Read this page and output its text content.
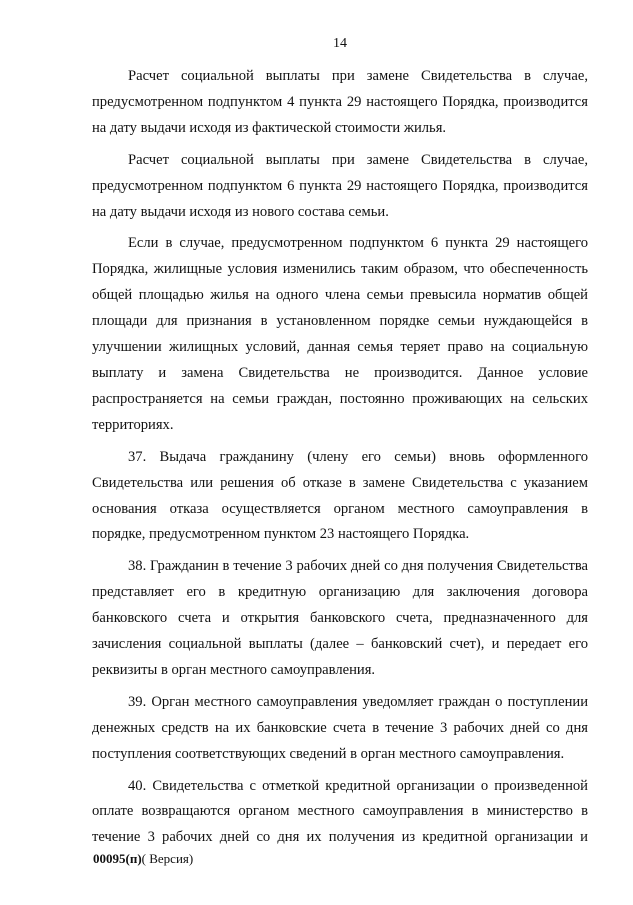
14

Расчет социальной выплаты при замене Свидетельства в случае, предусмотренном подпунктом 4 пункта 29 настоящего Порядка, производится на дату выдачи исходя из фактической стоимости жилья.

Расчет социальной выплаты при замене Свидетельства в случае, предусмотренном подпунктом 6 пункта 29 настоящего Порядка, производится на дату выдачи исходя из нового состава семьи.

Если в случае, предусмотренном подпунктом 6 пункта 29 настоящего Порядка, жилищные условия изменились таким образом, что обеспеченность общей площадью жилья на одного члена семьи превысила норматив общей площади для признания в установленном порядке семьи нуждающейся в улучшении жилищных условий, данная семья теряет право на социальную выплату и замена Свидетельства не производится. Данное условие распространяется на семьи граждан, постоянно проживающих на сельских территориях.

37. Выдача гражданину (члену его семьи) вновь оформленного Свидетельства или решения об отказе в замене Свидетельства с указанием основания отказа осуществляется органом местного самоуправления в порядке, предусмотренном пунктом 23 настоящего Порядка.

38. Гражданин в течение 3 рабочих дней со дня получения Свидетельства представляет его в кредитную организацию для заключения договора банковского счета и открытия банковского счета, предназначенного для зачисления социальной выплаты (далее – банковский счет), и передает его реквизиты в орган местного самоуправления.

39. Орган местного самоуправления уведомляет граждан о поступлении денежных средств на их банковские счета в течение 3 рабочих дней со дня поступления соответствующих сведений в орган местного самоуправления.

40. Свидетельства с отметкой кредитной организации о произведенной оплате возвращаются органом местного самоуправления в министерство в течение 3 рабочих дней со дня их получения из кредитной организации и

00095(п)( Версия)
